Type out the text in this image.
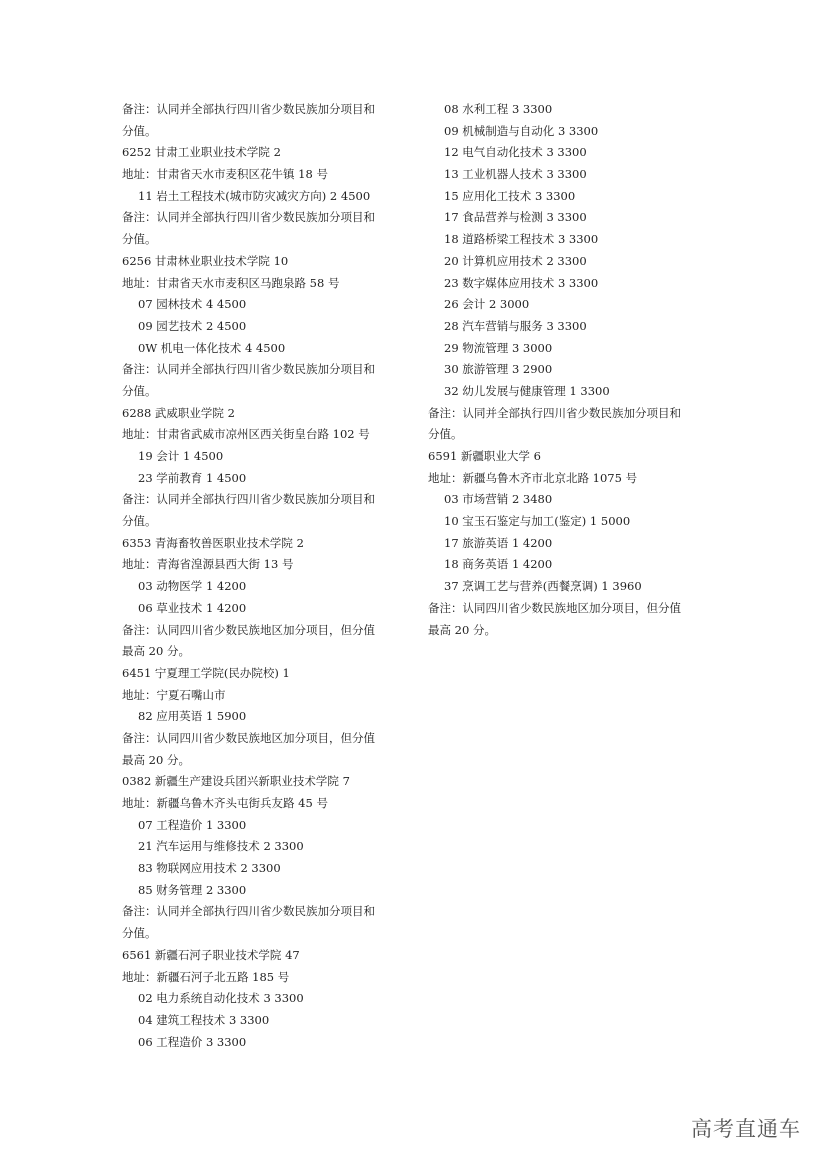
备注：认同并全部执行四川省少数民族加分项目和
分值。
6252 甘肃工业职业技术学院 2
地址：甘肃省天水市麦积区花牛镇 18 号
11 岩土工程技术(城市防灾减灾方向) 2 4500
备注：认同并全部执行四川省少数民族加分项目和
分值。
6256 甘肃林业职业技术学院 10
地址：甘肃省天水市麦积区马跑泉路 58 号
07 园林技术 4 4500
09 园艺技术 2 4500
0W 机电一体化技术 4 4500
备注：认同并全部执行四川省少数民族加分项目和
分值。
6288 武威职业学院 2
地址：甘肃省武威市凉州区西关街皇台路 102 号
19 会计 1 4500
23 学前教育 1 4500
备注：认同并全部执行四川省少数民族加分项目和
分值。
6353 青海畜牧兽医职业技术学院 2
地址：青海省湟源县西大街 13 号
03 动物医学 1 4200
06 草业技术 1 4200
备注：认同四川省少数民族地区加分项目，但分值
最高 20 分。
6451 宁夏理工学院(民办院校) 1
地址：宁夏石嘴山市
82 应用英语 1 5900
备注：认同四川省少数民族地区加分项目，但分值
最高 20 分。
0382 新疆生产建设兵团兴新职业技术学院 7
地址：新疆乌鲁木齐头屯街兵友路 45 号
07 工程造价 1 3300
21 汽车运用与维修技术 2 3300
83 物联网应用技术 2 3300
85 财务管理 2 3300
备注：认同并全部执行四川省少数民族加分项目和
分值。
6561 新疆石河子职业技术学院 47
地址：新疆石河子北五路 185 号
02 电力系统自动化技术 3 3300
04 建筑工程技术 3 3300
06 工程造价 3 3300
08 水利工程 3 3300
09 机械制造与自动化 3 3300
12 电气自动化技术 3 3300
13 工业机器人技术 3 3300
15 应用化工技术 3 3300
17 食品营养与检测 3 3300
18 道路桥梁工程技术 3 3300
20 计算机应用技术 2 3300
23 数字媒体应用技术 3 3300
26 会计 2 3000
28 汽车营销与服务 3 3300
29 物流管理 3 3000
30 旅游管理 3 2900
32 幼儿发展与健康管理 1 3300
备注：认同并全部执行四川省少数民族加分项目和
分值。
6591 新疆职业大学 6
地址：新疆乌鲁木齐市北京北路 1075 号
03 市场营销 2 3480
10 宝玉石鉴定与加工(鉴定) 1 5000
17 旅游英语 1 4200
18 商务英语 1 4200
37 烹调工艺与营养(西餐烹调) 1 3960
备注：认同四川省少数民族地区加分项目，但分值
最高 20 分。
高考直通车
